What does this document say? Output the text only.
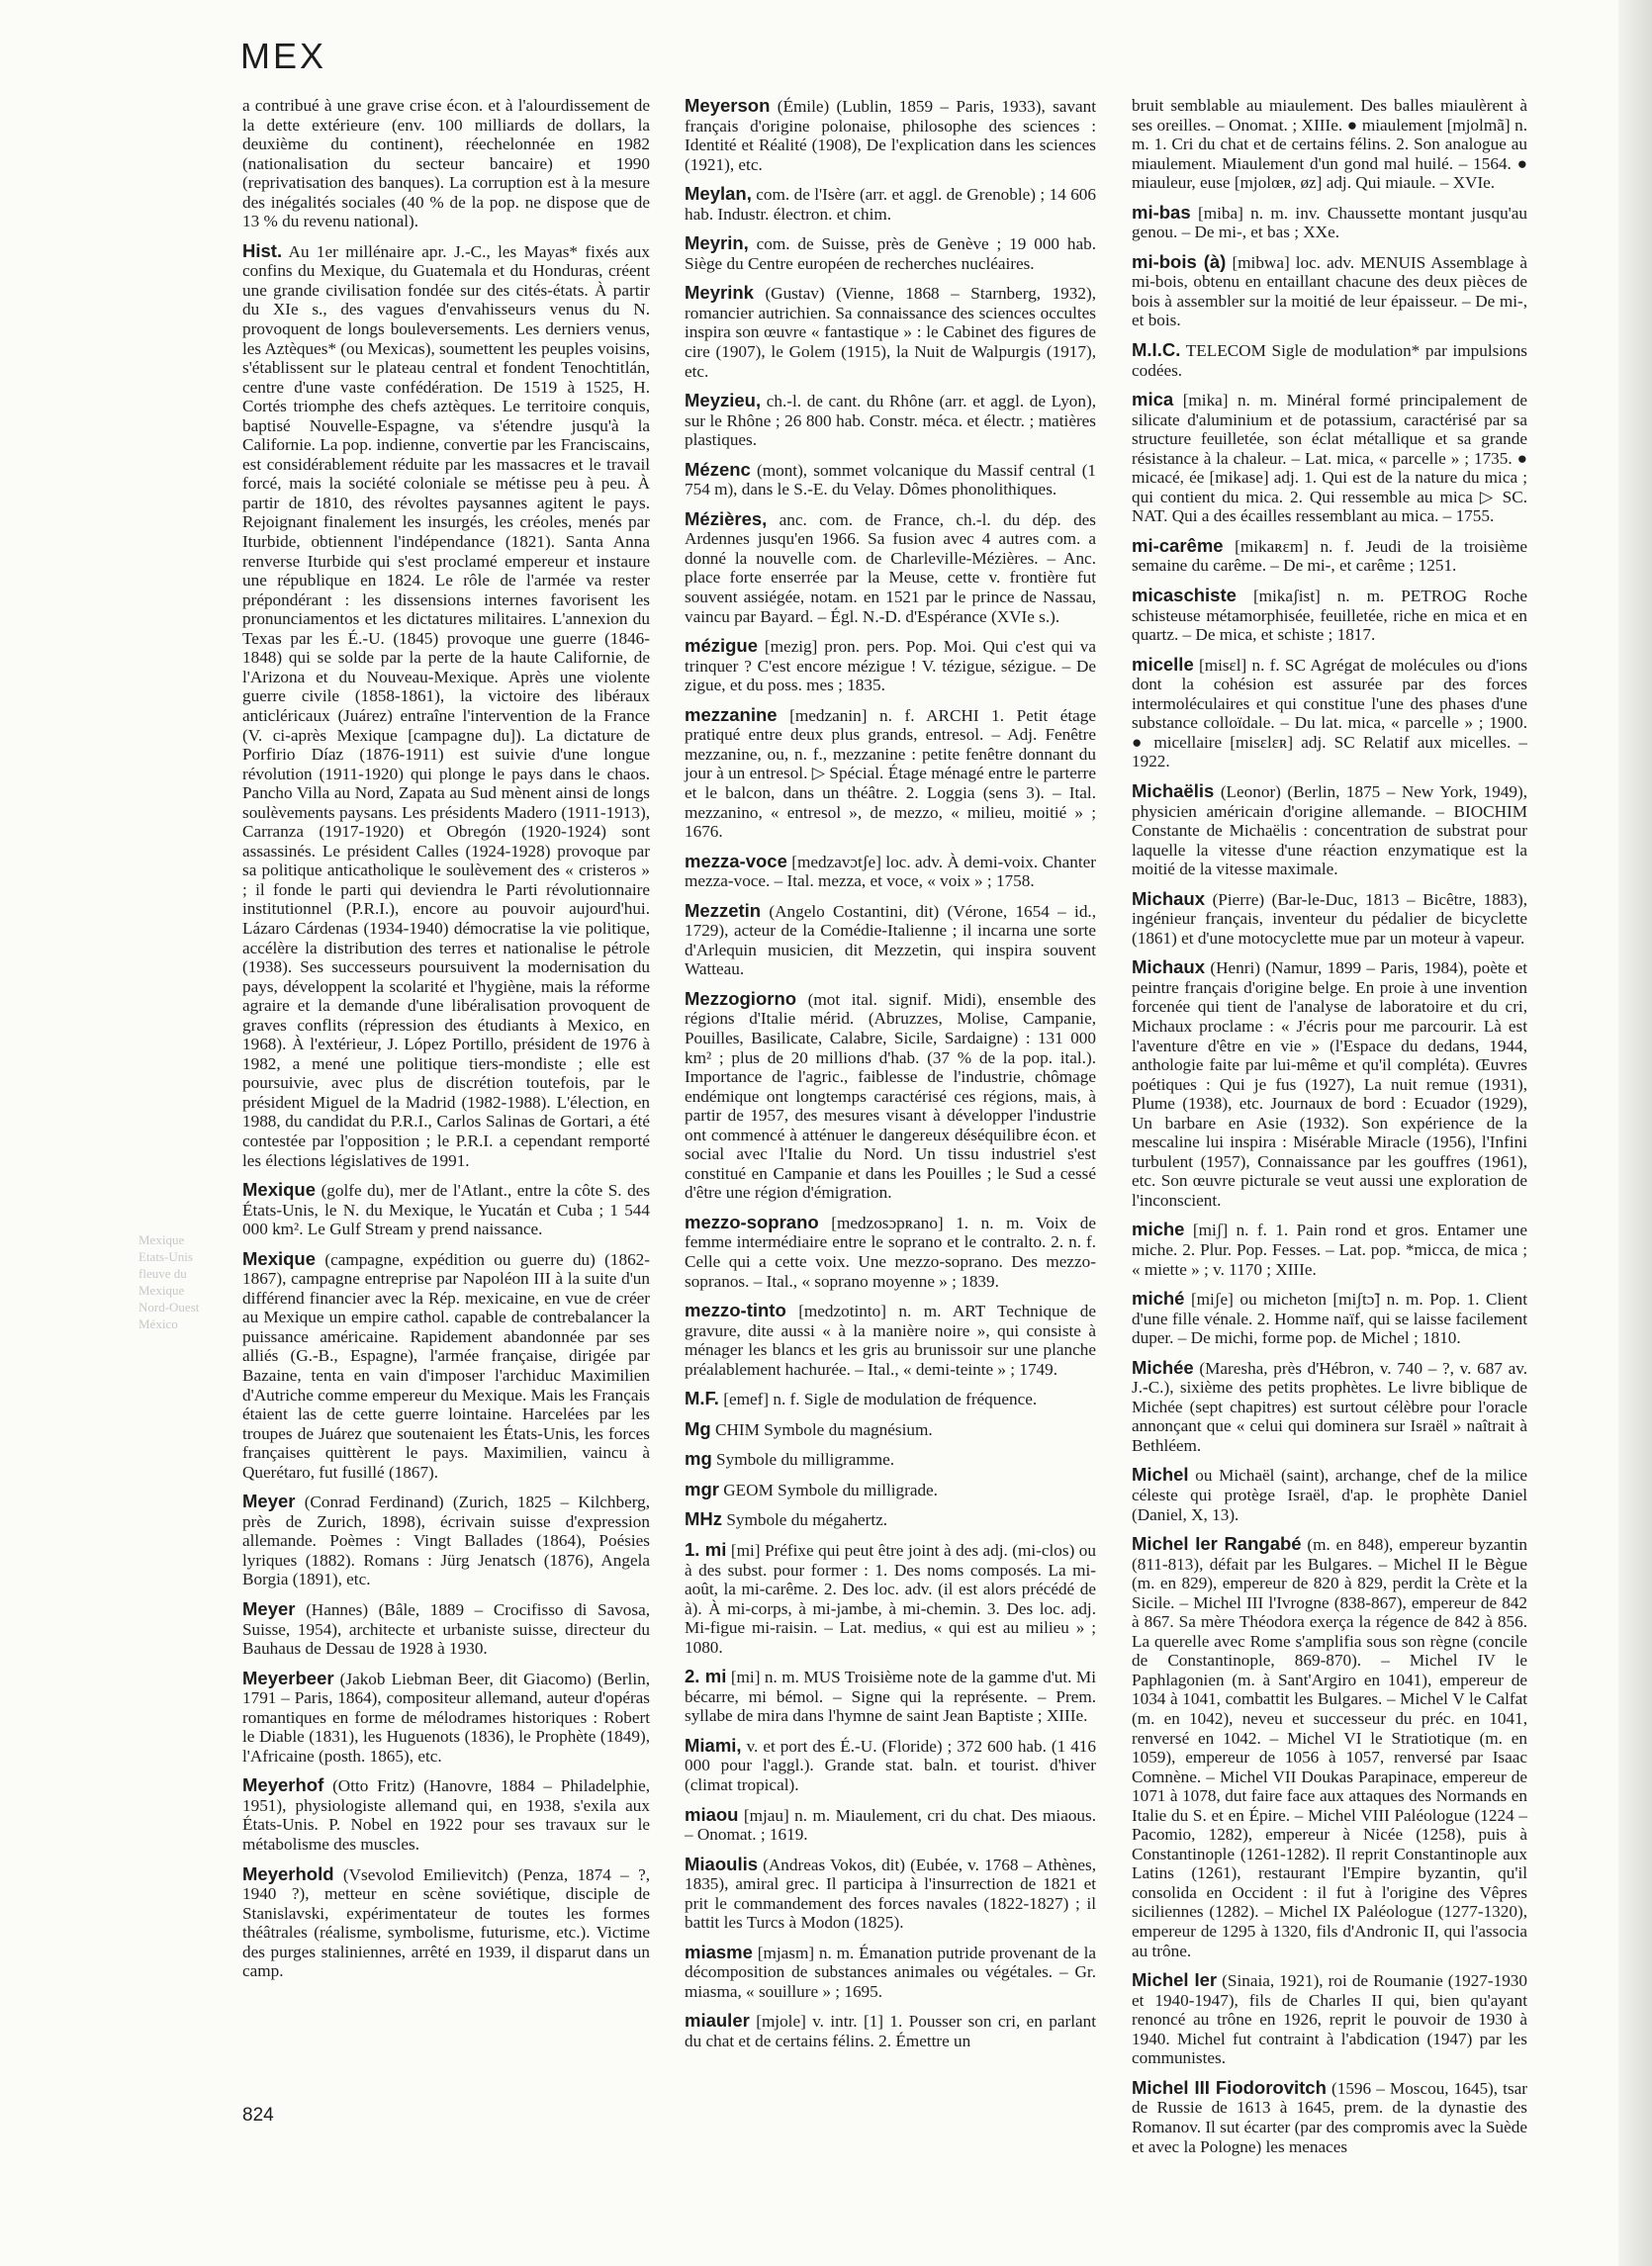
MEX
Mexique
Etats-Unis
fleuve du Mexique
Nord-Ouest
México
a contribué à une grave crise écon. et à l'alourdissement de la dette extérieure (env. 100 milliards de dollars, la deuxième du continent), réechelonnée en 1982 (nationalisation du secteur bancaire) et 1990 (reprivatisation des banques). La corruption est à la mesure des inégalités sociales (40 % de la pop. ne dispose que de 13 % du revenu national).
Hist. Au 1er millénaire apr. J.-C., les Mayas* fixés aux confins du Mexique, du Guatemala et du Honduras, créent une grande civilisation fondée sur des cités-états. À partir du XIe s., des vagues d'envahisseurs venus du N. provoquent de longs bouleversements. Les derniers venus, les Aztèques* (ou Mexicas), soumettent les peuples voisins, s'établissent sur le plateau central et fondent Tenochtitlán, centre d'une vaste confédération. De 1519 à 1525, H. Cortés triomphe des chefs aztèques. Le territoire conquis, baptisé Nouvelle-Espagne, va s'étendre jusqu'à la Californie. La pop. indienne, convertie par les Franciscains, est considérablement réduite par les massacres et le travail forcé, mais la société coloniale se métisse peu à peu. À partir de 1810, des révoltes paysannes agitent le pays. Rejoignant finalement les insurgés, les créoles, menés par Iturbide, obtiennent l'indépendance (1821). Santa Anna renverse Iturbide qui s'est proclamé empereur et instaure une république en 1824. Le rôle de l'armée va rester prépondérant : les dissensions internes favorisent les pronunciamentos et les dictatures militaires. L'annexion du Texas par les É.-U. (1845) provoque une guerre (1846-1848) qui se solde par la perte de la haute Californie, de l'Arizona et du Nouveau-Mexique. Après une violente guerre civile (1858-1861), la victoire des libéraux anticléricaux (Juárez) entraîne l'intervention de la France (V. ci-après Mexique [campagne du]). La dictature de Porfirio Díaz (1876-1911) est suivie d'une longue révolution (1911-1920) qui plonge le pays dans le chaos. Pancho Villa au Nord, Zapata au Sud mènent ainsi de longs soulèvements paysans. Les présidents Madero (1911-1913), Carranza (1917-1920) et Obregón (1920-1924) sont assassinés. Le président Calles (1924-1928) provoque par sa politique anticatholique le soulèvement des « cristeros » ; il fonde le parti qui deviendra le Parti révolutionnaire institutionnel (P.R.I.), encore au pouvoir aujourd'hui. Lázaro Cárdenas (1934-1940) démocratise la vie politique, accélère la distribution des terres et nationalise le pétrole (1938). Ses successeurs poursuivent la modernisation du pays, développent la scolarité et l'hygiène, mais la réforme agraire et la demande d'une libéralisation provoquent de graves conflits (répression des étudiants à Mexico, en 1968). À l'extérieur, J. López Portillo, président de 1976 à 1982, a mené une politique tiers-mondiste ; elle est poursuivie, avec plus de discrétion toutefois, par le président Miguel de la Madrid (1982-1988). L'élection, en 1988, du candidat du P.R.I., Carlos Salinas de Gortari, a été contestée par l'opposition ; le P.R.I. a cependant remporté les élections législatives de 1991.
Mexique (golfe du), mer de l'Atlant., entre la côte S. des États-Unis, le N. du Mexique, le Yucatán et Cuba ; 1 544 000 km². Le Gulf Stream y prend naissance.
Mexique (campagne, expédition ou guerre du) (1862-1867), campagne entreprise par Napoléon III à la suite d'un différend financier avec la Rép. mexicaine, en vue de créer au Mexique un empire cathol. capable de contrebalancer la puissance américaine. Rapidement abandonnée par ses alliés (G.-B., Espagne), l'armée française, dirigée par Bazaine, tenta en vain d'imposer l'archiduc Maximilien d'Autriche comme empereur du Mexique. Mais les Français étaient las de cette guerre lointaine. Harcelées par les troupes de Juárez que soutenaient les États-Unis, les forces françaises quittèrent le pays. Maximilien, vaincu à Querétaro, fut fusillé (1867).
Meyer (Conrad Ferdinand) (Zurich, 1825 – Kilchberg, près de Zurich, 1898), écrivain suisse d'expression allemande. Poèmes : Vingt Ballades (1864), Poésies lyriques (1882). Romans : Jürg Jenatsch (1876), Angela Borgia (1891), etc.
Meyer (Hannes) (Bâle, 1889 – Crocifisso di Savosa, Suisse, 1954), architecte et urbaniste suisse, directeur du Bauhaus de Dessau de 1928 à 1930.
Meyerbeer (Jakob Liebman Beer, dit Giacomo) (Berlin, 1791 – Paris, 1864), compositeur allemand, auteur d'opéras romantiques en forme de mélodrames historiques : Robert le Diable (1831), les Huguenots (1836), le Prophète (1849), l'Africaine (posth. 1865), etc.
Meyerhof (Otto Fritz) (Hanovre, 1884 – Philadelphie, 1951), physiologiste allemand qui, en 1938, s'exila aux États-Unis. P. Nobel en 1922 pour ses travaux sur le métabolisme des muscles.
Meyerhold (Vsevolod Emilievitch) (Penza, 1874 – ?, 1940 ?), metteur en scène soviétique, disciple de Stanislavski, expérimentateur de toutes les formes théâtrales (réalisme, symbolisme, futurisme, etc.). Victime des purges staliniennes, arrêté en 1939, il disparut dans un camp.
Meyerson (Émile) (Lublin, 1859 – Paris, 1933), savant français d'origine polonaise, philosophe des sciences : Identité et Réalité (1908), De l'explication dans les sciences (1921), etc.
Meylan, com. de l'Isère (arr. et aggl. de Grenoble) ; 14 606 hab. Industr. électron. et chim.
Meyrin, com. de Suisse, près de Genève ; 19 000 hab. Siège du Centre européen de recherches nucléaires.
Meyrink (Gustav) (Vienne, 1868 – Starnberg, 1932), romancier autrichien. Sa connaissance des sciences occultes inspira son œuvre « fantastique » : le Cabinet des figures de cire (1907), le Golem (1915), la Nuit de Walpurgis (1917), etc.
Meyzieu, ch.-l. de cant. du Rhône (arr. et aggl. de Lyon), sur le Rhône ; 26 800 hab. Constr. méca. et électr. ; matières plastiques.
Mézenc (mont), sommet volcanique du Massif central (1 754 m), dans le S.-E. du Velay. Dômes phonolithiques.
Mézières, anc. com. de France, ch.-l. du dép. des Ardennes jusqu'en 1966. Sa fusion avec 4 autres com. a donné la nouvelle com. de Charleville-Mézières. – Anc. place forte enserrée par la Meuse, cette v. frontière fut souvent assiégée, notam. en 1521 par le prince de Nassau, vaincu par Bayard. – Égl. N.-D. d'Espérance (XVIe s.).
mézigue [mezig] pron. pers. Pop. Moi. Qui c'est qui va trinquer ? C'est encore mézigue ! V. tézigue, sézigue. – De zigue, et du poss. mes ; 1835.
mezzanine [medzanin] n. f. ARCHI 1. Petit étage pratiqué entre deux plus grands, entresol. – Adj. Fenêtre mezzanine, ou, n. f., mezzanine : petite fenêtre donnant du jour à un entresol. ▷ Spécial. Étage ménagé entre le parterre et le balcon, dans un théâtre. 2. Loggia (sens 3). – Ital. mezzanino, « entresol », de mezzo, « milieu, moitié » ; 1676.
mezza-voce [medzavɔtʃe] loc. adv. À demi-voix. Chanter mezza-voce. – Ital. mezza, et voce, « voix » ; 1758.
Mezzetin (Angelo Costantini, dit) (Vérone, 1654 – id., 1729), acteur de la Comédie-Italienne ; il incarna une sorte d'Arlequin musicien, dit Mezzetin, qui inspira souvent Watteau.
Mezzogiorno (mot ital. signif. Midi), ensemble des régions d'Italie mérid. (Abruzzes, Molise, Campanie, Pouilles, Basilicate, Calabre, Sicile, Sardaigne) : 131 000 km² ; plus de 20 millions d'hab. (37 % de la pop. ital.). Importance de l'agric., faiblesse de l'industrie, chômage endémique ont longtemps caractérisé ces régions, mais, à partir de 1957, des mesures visant à développer l'industrie ont commencé à atténuer le dangereux déséquilibre écon. et social avec l'Italie du Nord. Un tissu industriel s'est constitué en Campanie et dans les Pouilles ; le Sud a cessé d'être une région d'émigration.
mezzo-soprano [medzosɔpʀano] 1. n. m. Voix de femme intermédiaire entre le soprano et le contralto. 2. n. f. Celle qui a cette voix. Une mezzo-soprano. Des mezzo-sopranos. – Ital., « soprano moyenne » ; 1839.
mezzo-tinto [medzotinto] n. m. ART Technique de gravure, dite aussi « à la manière noire », qui consiste à ménager les blancs et les gris au brunissoir sur une planche préalablement hachurée. – Ital., « demi-teinte » ; 1749.
M.F. [emef] n. f. Sigle de modulation de fréquence.
Mg CHIM Symbole du magnésium.
mg Symbole du milligramme.
mgr GEOM Symbole du milligrade.
MHz Symbole du mégahertz.
1. mi [mi] Préfixe qui peut être joint à des adj. (mi-clos) ou à des subst. pour former : 1. Des noms composés. La mi-août, la mi-carême. 2. Des loc. adv. (il est alors précédé de à). À mi-corps, à mi-jambe, à mi-chemin. 3. Des loc. adj. Mi-figue mi-raisin. – Lat. medius, « qui est au milieu » ; 1080.
2. mi [mi] n. m. MUS Troisième note de la gamme d'ut. Mi bécarre, mi bémol. – Signe qui la représente. – Prem. syllabe de mira dans l'hymne de saint Jean Baptiste ; XIIIe.
Miami, v. et port des É.-U. (Floride) ; 372 600 hab. (1 416 000 pour l'aggl.). Grande stat. baln. et tourist. d'hiver (climat tropical).
miaou [mjau] n. m. Miaulement, cri du chat. Des miaous. – Onomat. ; 1619.
Miaoulis (Andreas Vokos, dit) (Eubée, v. 1768 – Athènes, 1835), amiral grec. Il participa à l'insurrection de 1821 et prit le commandement des forces navales (1822-1827) ; il battit les Turcs à Modon (1825).
miasme [mjasm] n. m. Émanation putride provenant de la décomposition de substances animales ou végétales. – Gr. miasma, « souillure » ; 1695.
miauler [mjole] v. intr. [1] 1. Pousser son cri, en parlant du chat et de certains félins. 2. Émettre un
bruit semblable au miaulement. Des balles miaulèrent à ses oreilles. – Onomat. ; XIIIe. ● miaulement [mjolmã] n. m. 1. Cri du chat et de certains félins. 2. Son analogue au miaulement. Miaulement d'un gond mal huilé. – 1564. ● miauleur, euse [mjolœʀ, øz] adj. Qui miaule. – XVIe.
mi-bas [miba] n. m. inv. Chaussette montant jusqu'au genou. – De mi-, et bas ; XXe.
mi-bois (à) [mibwa] loc. adv. MENUIS Assemblage à mi-bois, obtenu en entaillant chacune des deux pièces de bois à assembler sur la moitié de leur épaisseur. – De mi-, et bois.
M.I.C. TELECOM Sigle de modulation* par impulsions codées.
mica [mika] n. m. Minéral formé principalement de silicate d'aluminium et de potassium, caractérisé par sa structure feuilletée, son éclat métallique et sa grande résistance à la chaleur. – Lat. mica, « parcelle » ; 1735. ● micacé, ée [mikase] adj. 1. Qui est de la nature du mica ; qui contient du mica. 2. Qui ressemble au mica ▷ SC. NAT. Qui a des écailles ressemblant au mica. – 1755.
mi-carême [mikaʀɛm] n. f. Jeudi de la troisième semaine du carême. – De mi-, et carême ; 1251.
micaschiste [mikaʃist] n. m. PETROG Roche schisteuse métamorphisée, feuilletée, riche en mica et en quartz. – De mica, et schiste ; 1817.
micelle [misɛl] n. f. SC Agrégat de molécules ou d'ions dont la cohésion est assurée par des forces intermoléculaires et qui constitue l'une des phases d'une substance colloïdale. – Du lat. mica, « parcelle » ; 1900. ● micellaire [misɛlɛʀ] adj. SC Relatif aux micelles. – 1922.
Michaëlis (Leonor) (Berlin, 1875 – New York, 1949), physicien américain d'origine allemande. – BIOCHIM Constante de Michaëlis : concentration de substrat pour laquelle la vitesse d'une réaction enzymatique est la moitié de la vitesse maximale.
Michaux (Pierre) (Bar-le-Duc, 1813 – Bicêtre, 1883), ingénieur français, inventeur du pédalier de bicyclette (1861) et d'une motocyclette mue par un moteur à vapeur.
Michaux (Henri) (Namur, 1899 – Paris, 1984), poète et peintre français d'origine belge. En proie à une invention forcenée qui tient de l'analyse de laboratoire et du cri, Michaux proclame : « J'écris pour me parcourir. Là est l'aventure d'être en vie » (l'Espace du dedans, 1944, anthologie faite par lui-même et qu'il compléta). Œuvres poétiques : Qui je fus (1927), La nuit remue (1931), Plume (1938), etc. Journaux de bord : Ecuador (1929), Un barbare en Asie (1932). Son expérience de la mescaline lui inspira : Misérable Miracle (1956), l'Infini turbulent (1957), Connaissance par les gouffres (1961), etc. Son œuvre picturale se veut aussi une exploration de l'inconscient.
miche [miʃ] n. f. 1. Pain rond et gros. Entamer une miche. 2. Plur. Pop. Fesses. – Lat. pop. *micca, de mica ; « miette » ; v. 1170 ; XIIIe.
miché [miʃe] ou micheton [miʃtɔ̃] n. m. Pop. 1. Client d'une fille vénale. 2. Homme naïf, qui se laisse facilement duper. – De michi, forme pop. de Michel ; 1810.
Michée (Maresha, près d'Hébron, v. 740 – ?, v. 687 av. J.-C.), sixième des petits prophètes. Le livre biblique de Michée (sept chapitres) est surtout célèbre pour l'oracle annonçant que « celui qui dominera sur Israël » naîtrait à Bethléem.
Michel ou Michaël (saint), archange, chef de la milice céleste qui protège Israël, d'ap. le prophète Daniel (Daniel, X, 13).
Michel Ier Rangabé (m. en 848), empereur byzantin (811-813), défait par les Bulgares. – Michel II le Bègue (m. en 829), empereur de 820 à 829, perdit la Crète et la Sicile. – Michel III l'Ivrogne (838-867), empereur de 842 à 867. Sa mère Théodora exerça la régence de 842 à 856. La querelle avec Rome s'amplifia sous son règne (concile de Constantinople, 869-870). – Michel IV le Paphlagonien (m. à Sant'Argiro en 1041), empereur de 1034 à 1041, combattit les Bulgares. – Michel V le Calfat (m. en 1042), neveu et successeur du préc. en 1041, renversé en 1042. – Michel VI le Stratiotique (m. en 1059), empereur de 1056 à 1057, renversé par Isaac Comnène. – Michel VII Doukas Parapinace, empereur de 1071 à 1078, dut faire face aux attaques des Normands en Italie du S. et en Épire. – Michel VIII Paléologue (1224 – Pacomio, 1282), empereur à Nicée (1258), puis à Constantinople (1261-1282). Il reprit Constantinople aux Latins (1261), restaurant l'Empire byzantin, qu'il consolida en Occident : il fut à l'origine des Vêpres siciliennes (1282). – Michel IX Paléologue (1277-1320), empereur de 1295 à 1320, fils d'Andronic II, qui l'associa au trône.
Michel Ier (Sinaia, 1921), roi de Roumanie (1927-1930 et 1940-1947), fils de Charles II qui, bien qu'ayant renoncé au trône en 1926, reprit le pouvoir de 1930 à 1940. Michel fut contraint à l'abdication (1947) par les communistes.
Michel III Fiodorovitch (1596 – Moscou, 1645), tsar de Russie de 1613 à 1645, prem. de la dynastie des Romanov. Il sut écarter (par des compromis avec la Suède et avec la Pologne) les menaces
824
